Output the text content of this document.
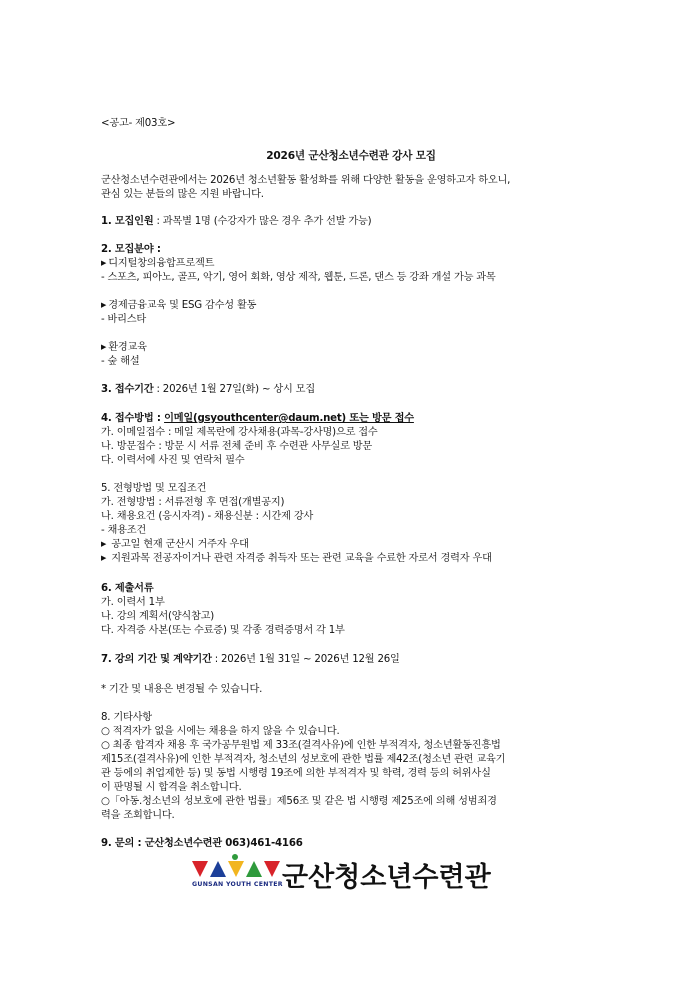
<공고- 제03호>
2026년 군산청소년수련관 강사 모집
군산청소년수련관에서는 2026년 청소년활동 활성화를 위해 다양한 활동을 운영하고자 하오니,
관심 있는 분들의 많은 지원 바랍니다.
1. 모집인원 : 과목별 1명 (수강자가 많은 경우 추가 선발 가능)
2. 모집분야 :
▶ 디지털창의융합프로젝트
- 스포츠, 피아노, 골프, 악기, 영어 회화, 영상 제작, 웹툰, 드론, 댄스 등 강좌 개설 가능 과목
▶ 경제금융교육 및 ESG 감수성 활동
- 바리스타
▶ 환경교육
- 숲 해설
3. 접수기간 : 2026년 1월 27일(화) ~ 상시 모집
4. 접수방법 : 이메일(gsyouthcenter@daum.net) 또는 방문 접수
가. 이메일접수 : 메일 제목란에 강사채용(과목-강사명)으로 접수
나. 방문접수 : 방문 시 서류 전체 준비 후 수련관 사무실로 방문
다. 이력서에 사진 및 연락처 필수
5. 전형방법 및 모집조건
가. 전형방법 : 서류전형 후 면접(개별공지)
나. 채용요건 (응시자격) - 채용신분 : 시간제 강사
- 채용조건
▶ 공고일 현재 군산시 거주자 우대
▶ 지원과목 전공자이거나 관련 자격증 취득자 또는 관련 교육을 수료한 자로서 경력자 우대
6. 제출서류
가. 이력서 1부
나. 강의 계획서(양식참고)
다. 자격증 사본(또는 수료증) 및 각종 경력증명서 각 1부
7. 강의 기간 및 계약기간 : 2026년 1월 31일 ~ 2026년 12월 26일
* 기간 및 내용은 변경될 수 있습니다.
8. 기타사항
○ 적격자가 없을 시에는 채용을 하지 않을 수 있습니다.
○ 최종 합격자 채용 후 국가공무원법 제 33조(결격사유)에 인한 부적격자, 청소년활동진흥법
제15조(결격사유)에 인한 부적격자, 청소년의 성보호에 관한 법률 제42조(청소년 관련 교육기
관 등에의 취업제한 등) 및 동법 시행령 19조에 의한 부적격자 및 학력, 경력 등의 허위사실
이 판명될 시 합격을 취소합니다.
○「아동.청소년의 성보호에 관한 법률」제56조 및 같은 법 시행령 제25조에 의해 성범죄경
력을 조회합니다.
9. 문의 : 군산청소년수련관 063)461-4166
GUNSAN YOUTH CENTER 군산청소년수련관
